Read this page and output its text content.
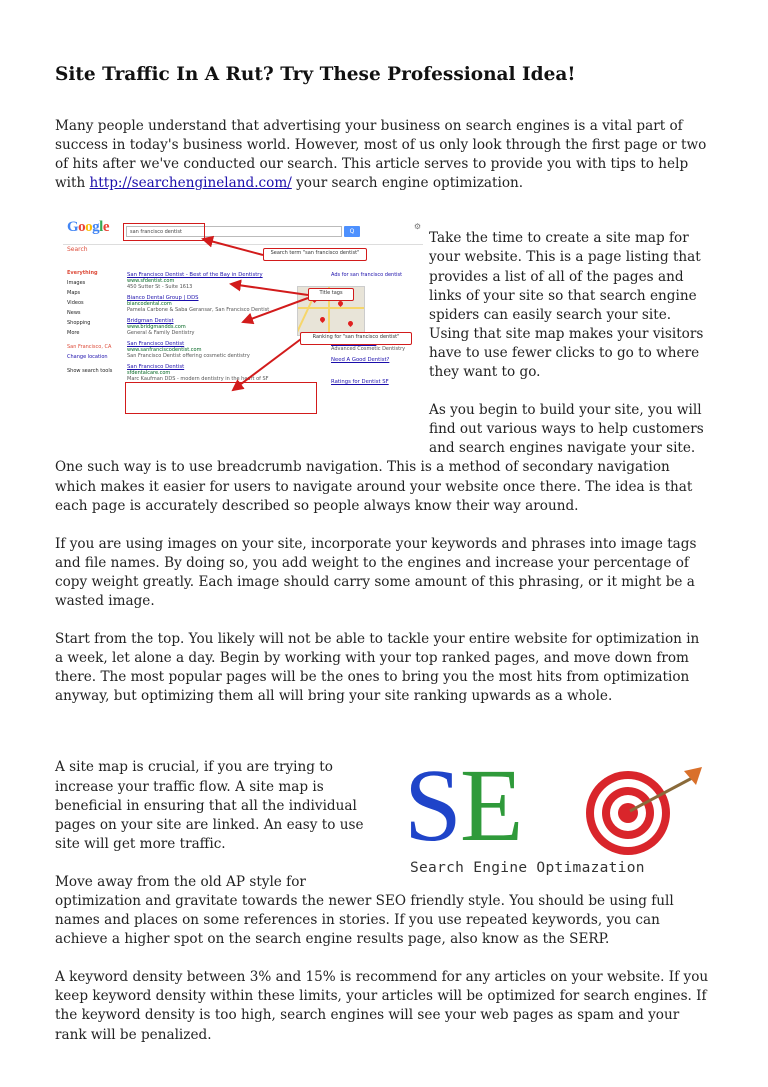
Site Traffic In A Rut? Try These Professional Idea!

Many people understand that advertising your business on search engines is a vital part of success in today's business world. However, most of us only look through the first page or two of hits after we've conducted our search. This article serves to provide you with tips to help with http://searchengineland.com/ your search engine optimization.

Google	san francisco dentist	Q
⚙
Search
Everything
Images
Maps
Videos
News
Shopping
More
San Francisco, CA
Change location
Show search tools
San Francisco Dentist - Best of the Bay in Dentistry
www.sfdentist.com
450 Sutter St - Suite 1613
Bianco Dental Group | DDS
biancodental.com
Pamela Carbone & Saba Geransar, San Francisco Dentist
Bridgman Dentist
www.bridgmandds.com
General & Family Dentistry
San Francisco Dentist
www.sanfranciscodentist.com
San Francisco Dentist offering cosmetic dentistry
San Francisco Dentist
sfdentalcare.com
Marc Kaufman DDS - modern dentistry in the heart of SF
Ads for san francisco dentist
Advanced Cosmetic Dentistry
Need A Good Dentist?
Ratings for Dentist SF
Search term "san francisco dentist"
Title tags
Ranking for "san francisco dentist"

Take the time to create a site map for your website. This is a page listing that provides a list of all of the pages and links of your site so that search engine spiders can easily search your site. Using that site map makes your visitors have to use fewer clicks to go to where they want to go.

As you begin to build your site, you will find out various ways to help customers and search engines navigate your site. One such way is to use breadcrumb navigation. This is a method of secondary navigation which makes it easier for users to navigate around your website once there. The idea is that each page is accurately described so people always know their way around.

If you are using images on your site, incorporate your keywords and phrases into image tags and file names. By doing so, you add weight to the engines and increase your percentage of copy weight greatly. Each image should carry some amount of this phrasing, or it might be a wasted image.

Start from the top. You likely will not be able to tackle your entire website for optimization in a week, let alone a day. Begin by working with your top ranked pages, and move down from there. The most popular pages will be the ones to bring you the most hits from optimization anyway, but optimizing them all will bring your site ranking upwards as a whole.

SE
Search Engine Optimazation

A site map is crucial, if you are trying to increase your traffic flow. A site map is beneficial in ensuring that all the individual pages on your site are linked. An easy to use site will get more traffic.

Move away from the old AP style for optimization and gravitate towards the newer SEO friendly style. You should be using full names and places on some references in stories. If you use repeated keywords, you can achieve a higher spot on the search engine results page, also know as the SERP.

A keyword density between 3% and 15% is recommend for any articles on your website. If you keep keyword density within these limits, your articles will be optimized for search engines. If the keyword density is too high, search engines will see your web pages as spam and your rank will be penalized.
